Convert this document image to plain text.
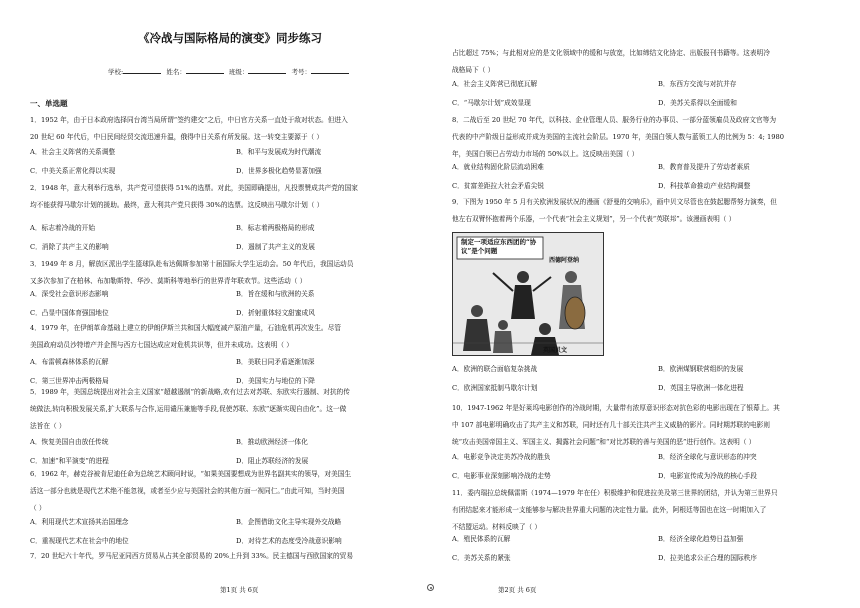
《冷战与国际格局的演变》同步练习
学校:	姓名：	班级：	考号：
一、单选题
1．1952 年，由于日本政府选择同台湾当局所谓“签约建交”之后，中日官方关系一直处于敌对状态。但进入
20 世纪 60 年代后，中日民间经贸交流迅速升温，俄得中日关系有所发展。这一转变主要源于（ ）
A．社会主义阵营的关系调整	B．和平与发展成为时代潮流
C．中美关系正常化得以实现	D．世界多极化趋势显著加强
2．1948 年，意大利举行选举，共产党可望获得 51%的选票。对此，美国即确提出，凡投票赞成共产党的国家
均不能获得马歇尔计划的援助。最终，意大利共产党只获得 30%的选票。这反映出马歇尔计划（ ）
A．标志着冷战的开始	B．标志着两极格局的形成
C．消除了共产主义的影响	D．遏制了共产主义的发展
3．1949 年 8 月，解放区派出学生篮球队赴布达佩斯参加第十届国际大学生运动会。50 年代后，我国运动员
又多次参加了在柏林、布加勒斯特、华沙、莫斯科等地举行的世界青年联欢节。这些活动（ ）
A．深受社会意识形态影响	B．旨在缓和与欧洲的关系
C．凸显中国体育强国地位	D．折射重体轻文甜蜜成风
4．1979 年，在伊朗革命基础上建立的伊朗伊斯兰共和国大幅度减产原油产量，石油危机再次发生。尽管
美国政府动员沙特增产并企图与西方七国达成应对危机共识等，但并未成功。这表明（ ）
A．布雷顿森林体系的瓦解	B．美联日同矛盾逐渐加深
C．第三世界冲击两极格局	D．美国实力与地位的下降
5．1989 年，美国总统提出对社会主义国家“超越遏制”的新战略,欢有过去对苏联、东欧实行遏制、对抗的传
统做法,转向积极发展关系,扩大联系与合作,运用谴压兼施等手段,促使苏联、东欧“逐渐实现自由化”。这一做
法旨在（ ）
A．恢复美国自由放任传统	B．推动欧洲经济一体化
C．加速“和平演变”的进程	D．阻止苏联经济的发展
6．1962 年，赫克谷被肯尼迪任命为总统艺术顾问时说，“如果美国要想成为世界名副其实的领导，对美国生
活这一部分也就是现代艺术绝不能忽视，或者至少应与美国社会的其他方面一视同仁。”由此可知，当时美国
（ ）
A．利用现代艺术宣扬其治国理念	B．企图借助文化主导实现外交战略
C．重视现代艺术在社会中的地位	D．对待艺术的态度受冷战意识影响
7．20 世纪六十年代，罗马尼亚同西方贸易从占其全部贸易的 20%上升到 33%。民主德国与西欧国家的贸易
第1页 共 6页
占比超过 75%；与此相对应的是文化领域中的缓和与放宽，比如缔结文化协定、出版报刊书籍等。这表明冷
战格局下（ ）
A．社会主义阵营已彻底瓦解	B．东西方交流与对抗并存
C．“马歇尔计划”成效显现	D．美苏关系得以全面缓和
8．二战后至 20 世纪 70 年代，以科技、企业管理人员、服务行业的办事员、一部分蓝领雇员及政府文官等为
代表的中产阶级日益形成并成为美国的主流社会阶层。1970 年，美国白领人数与蓝领工人的比例为 5：4; 1980
年，美国白领已占劳动力市场的 50%以上。这反映出美国（ ）
A．就业结构固化阶层流动困难	B．教育普及提升了劳动者素质
C．贫富差距拉大社会矛盾尖锐	D．科技革命推动产业结构调整
9．下图为 1950 年 5 月有关欧洲发展状况的漫画《舒曼的交响乐》，画中贝文尽管也在鼓起腮帮努力演奏，但
他左右双臂怀抱着两个乐器，一个代表“社会主义规划”，另一个代表“英联邦”。该漫画表明（ ）
A．欧洲的联合面临复杂挑战	B．欧洲煤钢联营组织的发展
C．欧洲国家抵制马歇尔计划	D．英国主导欧洲一体化进程
10．1947-1962 年是好莱坞电影创作的冷战时期，大量带有浓厚意识形态对抗色彩的电影出现在了银幕上。其
中 107 部电影明确攻击了共产主义和苏联，同时还有几十部关注共产主义威胁的影片。同时期苏联的电影则
统“攻击美国帝国主义、军国主义、揭露社会问题”和“对比苏联的善与美国的恶”进行创作。这表明（ ）
A．电影竞争决定美苏冷战的胜负	B．经济全球化与意识形态的冲突
C．电影事业深刻影响冷战的走势	D．电影宣传成为冷战的核心手段
11．委内瑞拉总统佩雷斯（1974—1979 年在任）积极维护和促进拉美及第三世界的团结，并认为第三世界只
有团结起来才能形成一支能够参与解决世界重大问题的决定性力量。此外，阿根廷等国也在这一时期加入了
不结盟运动。材料反映了（ ）
A．殖民体系的瓦解	B．经济全球化趋势日益加强
C．美苏关系的紧张	D．拉美追求公正合理的国际秩序
制定一项适应东西团的“协议”是个问题
西德阿登纳
英国贝文
第2页 共 6页
